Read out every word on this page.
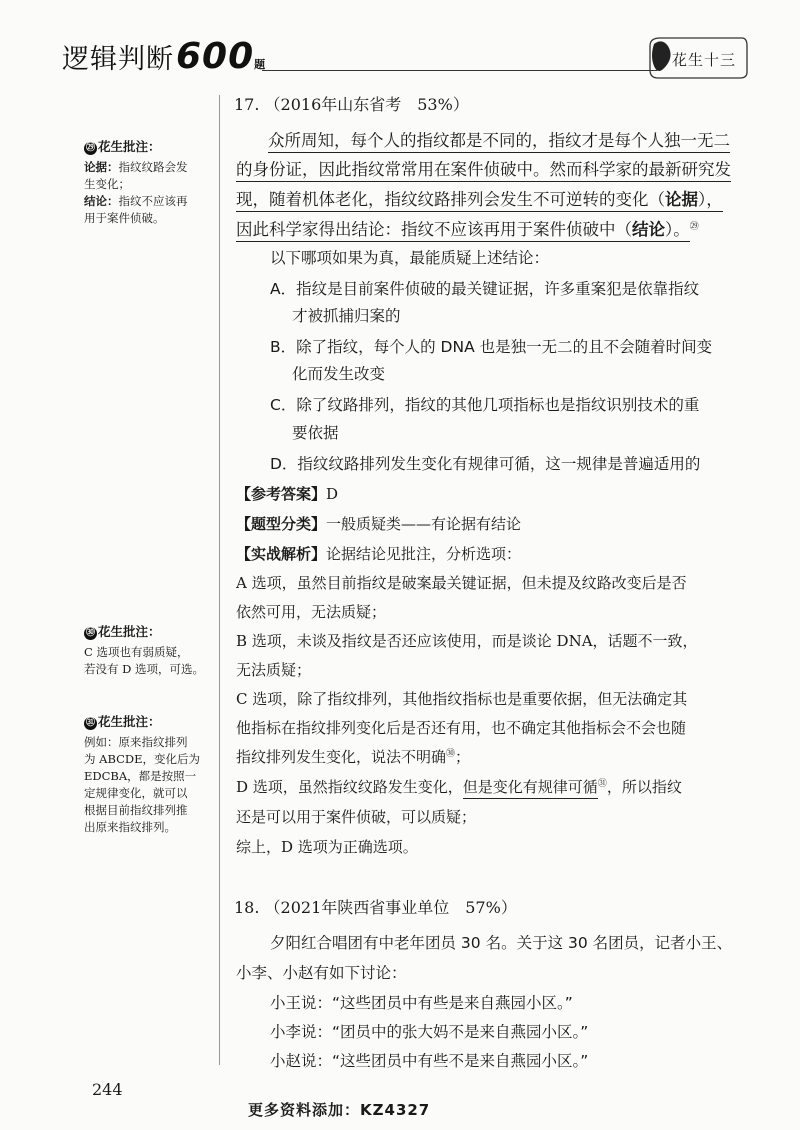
逻辑判断600题	花生十三
㉙ 花生批注：
论据：指纹纹路会发
生变化；
结论：指纹不应该再
用于案件侦破。
㉚ 花生批注：
C 选项也有弱质疑，
若没有 D 选项，可选。
㉛ 花生批注：
例如：原来指纹排列
为 ABCDE，变化后为
EDCBA，都是按照一
定规律变化，就可以
根据目前指纹排列推
出原来指纹排列。
17. （2016年山东省考　53%）
众所周知，每个人的指纹都是不同的，指纹才是每个人独一无二
的身份证，因此指纹常常用在案件侦破中。然而科学家的最新研究发
现，随着机体老化，指纹纹路排列会发生不可逆转的变化（论据），
因此科学家得出结论：指纹不应该再用于案件侦破中（结论）。$^㉙$
以下哪项如果为真，最能质疑上述结论：
A．指纹是目前案件侦破的最关键证据，许多重案犯是依靠指纹
才被抓捕归案的
B．除了指纹，每个人的 DNA 也是独一无二的且不会随着时间变
化而发生改变
C．除了纹路排列，指纹的其他几项指标也是指纹识别技术的重
要依据
D．指纹纹路排列发生变化有规律可循，这一规律是普遍适用的
【参考答案】D
【题型分类】一般质疑类——有论据有结论
【实战解析】论据结论见批注，分析选项：
A 选项，虽然目前指纹是破案最关键证据，但未提及纹路改变后是否
依然可用，无法质疑；
B 选项，未谈及指纹是否还应该使用，而是谈论 DNA，话题不一致，
无法质疑；
C 选项，除了指纹排列，其他指纹指标也是重要依据，但无法确定其
他指标在指纹排列变化后是否还有用，也不确定其他指标会不会也随
指纹排列发生变化，说法不明确$^㉚$；
D 选项，虽然指纹纹路发生变化，但是变化有规律可循$^㉛$，所以指纹
还是可以用于案件侦破，可以质疑；
综上，D 选项为正确选项。
18. （2021年陕西省事业单位　57%）
夕阳红合唱团有中老年团员 30 名。关于这 30 名团员，记者小王、
小李、小赵有如下讨论：
小王说：“这些团员中有些是来自燕园小区。”
小李说：“团员中的张大妈不是来自燕园小区。”
小赵说：“这些团员中有些不是来自燕园小区。”
244
更多资料添加：KZ4327
